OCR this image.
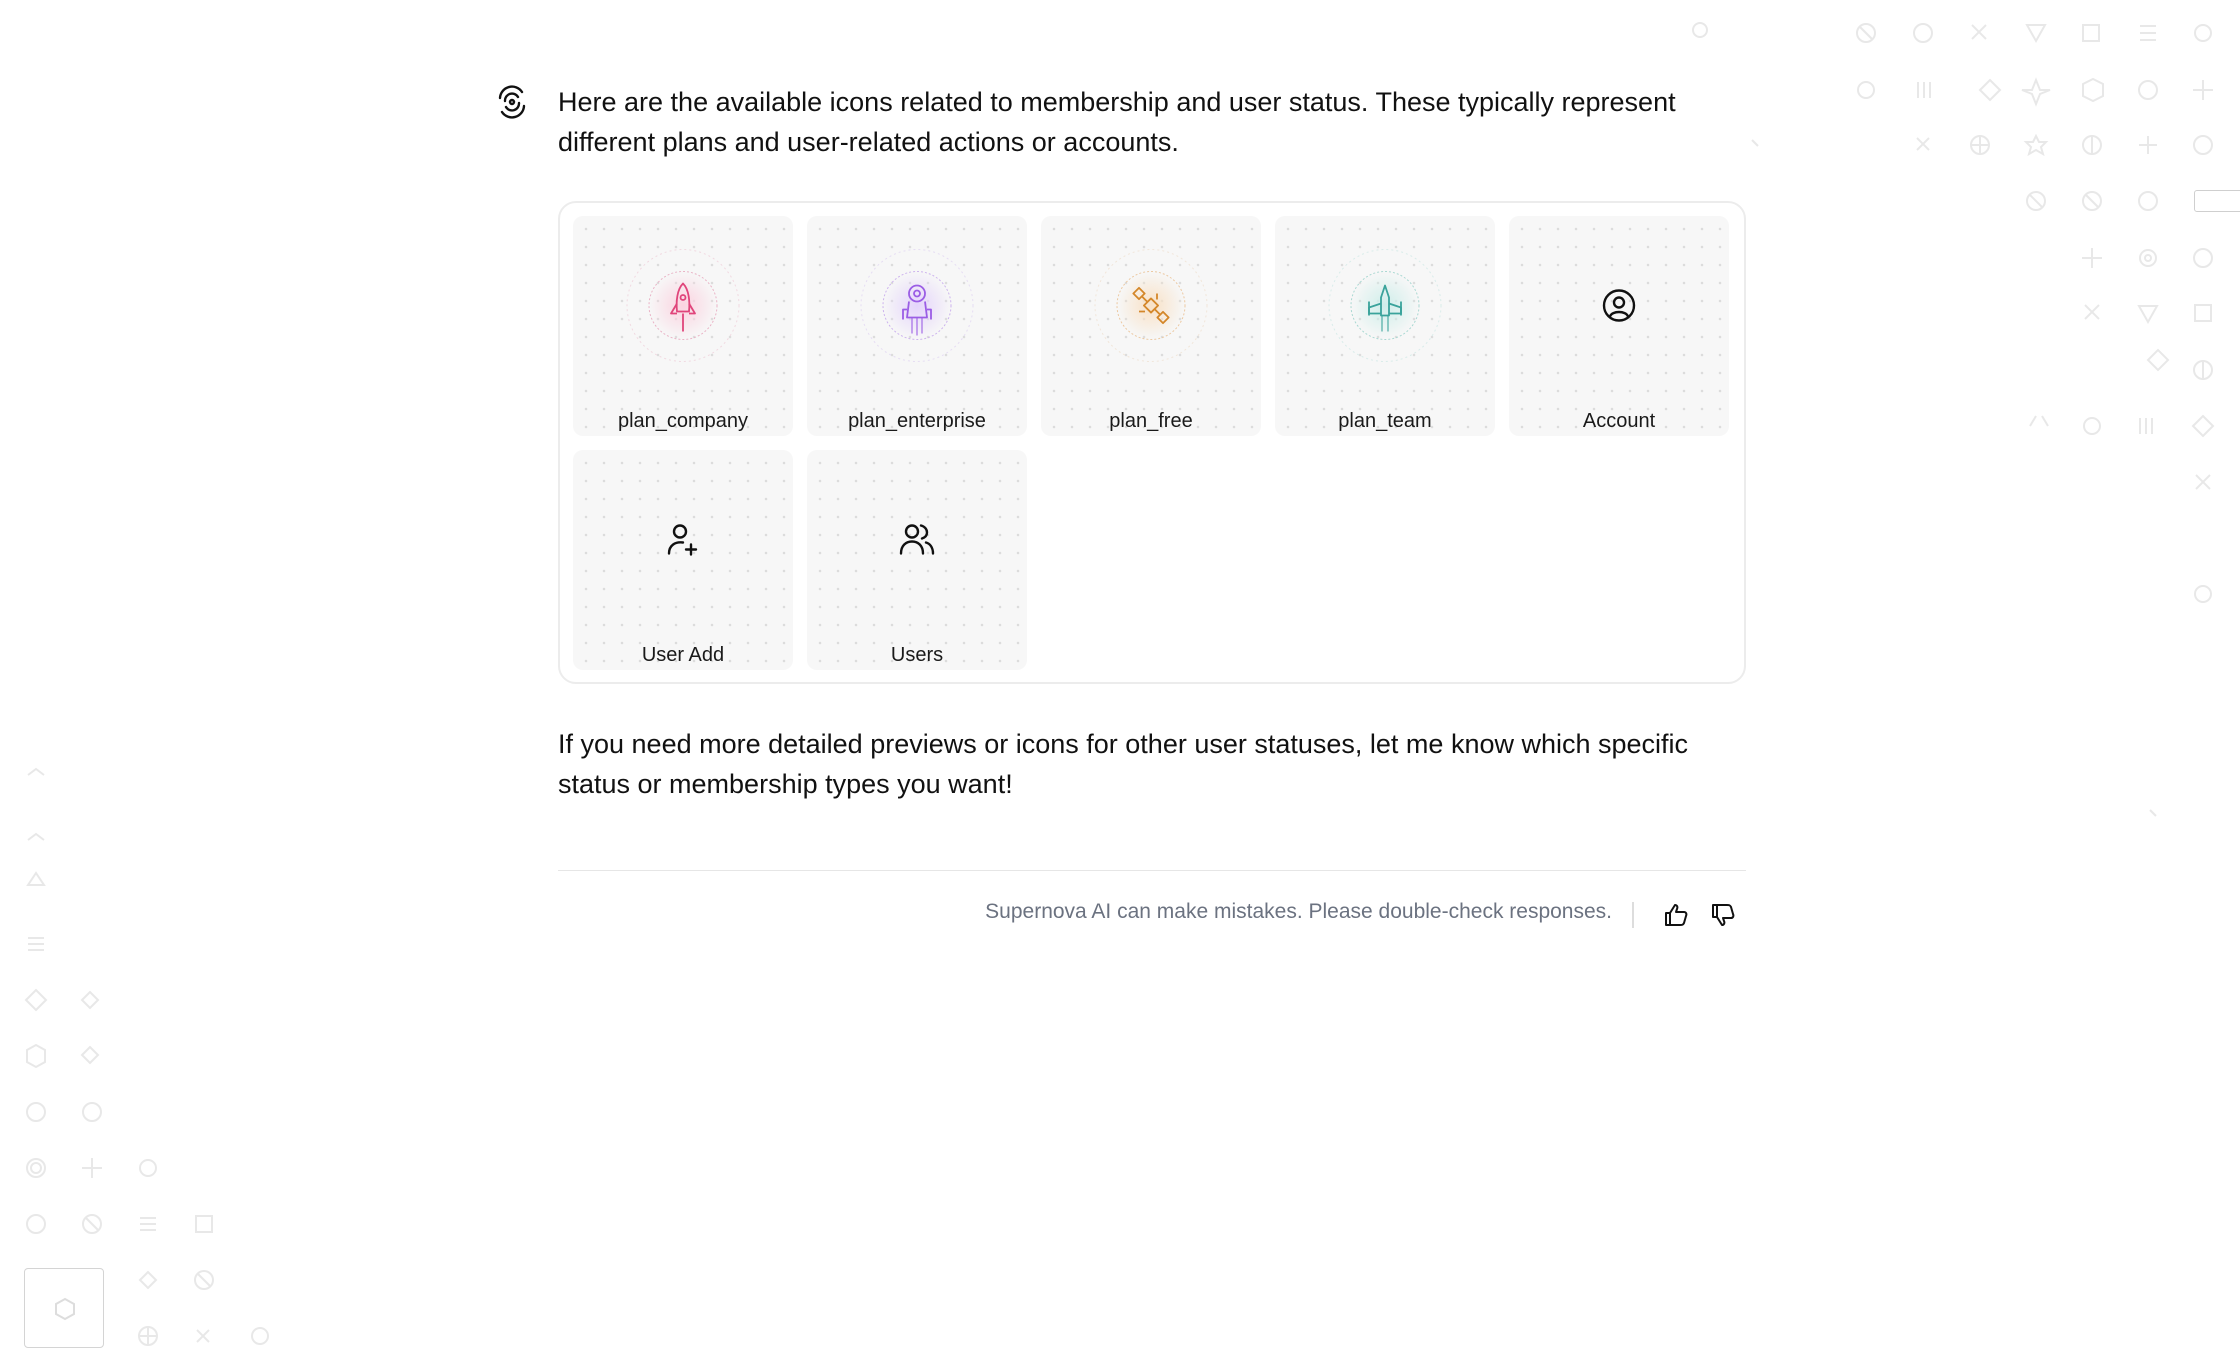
Here are the available icons related to membership and user status. These typically represent different plans and user-related actions or accounts.
plan_company	plan_enterprise	plan_free	plan_team	Account
User Add	Users
If you need more detailed previews or icons for other user statuses, let me know which specific status or membership types you want!
Supernova AI can make mistakes. Please double-check responses.
